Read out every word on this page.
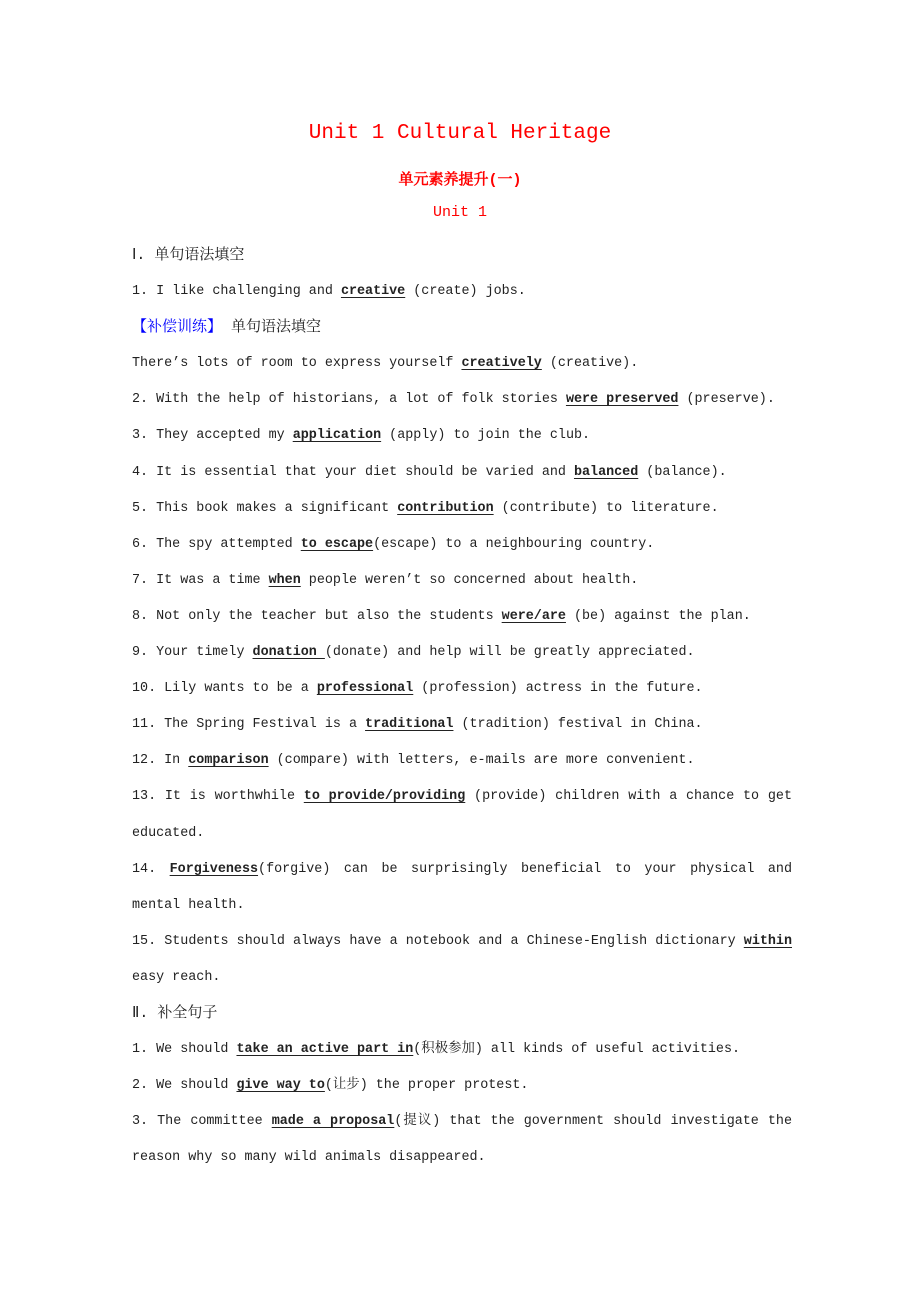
Unit 1 Cultural Heritage
单元素养提升(一)
Unit 1

Ⅰ. 单句语法填空

1. I like challenging and creative (create) jobs.

【补偿训练】 单句语法填空

There’s lots of room to express yourself creatively (creative).

2. With the help of historians, a lot of folk stories were preserved (preserve).

3. They accepted my application (apply) to join the club.

4. It is essential that your diet should be varied and balanced (balance).

5. This book makes a significant contribution (contribute) to literature.

6. The spy attempted to escape(escape) to a neighbouring country.

7. It was a time when people weren’t so concerned about health.

8. Not only the teacher but also the students were/are (be) against the plan.

9. Your timely donation (donate) and help will be greatly appreciated.

10. Lily wants to be a professional (profession) actress in the future.

11. The Spring Festival is a traditional (tradition) festival in China.

12. In comparison (compare) with letters, e-mails are more convenient.

13. It is worthwhile to provide/providing (provide) children with a chance to get educated.

14. Forgiveness(forgive) can be surprisingly beneficial to your physical and mental health.

15. Students should always have a notebook and a Chinese-English dictionary within easy reach.

Ⅱ. 补全句子

1. We should take an active part in(积极参加) all kinds of useful activities.

2. We should give way to(让步) the proper protest.

3. The committee made a proposal(提议) that the government should investigate the reason why so many wild animals disappeared.
